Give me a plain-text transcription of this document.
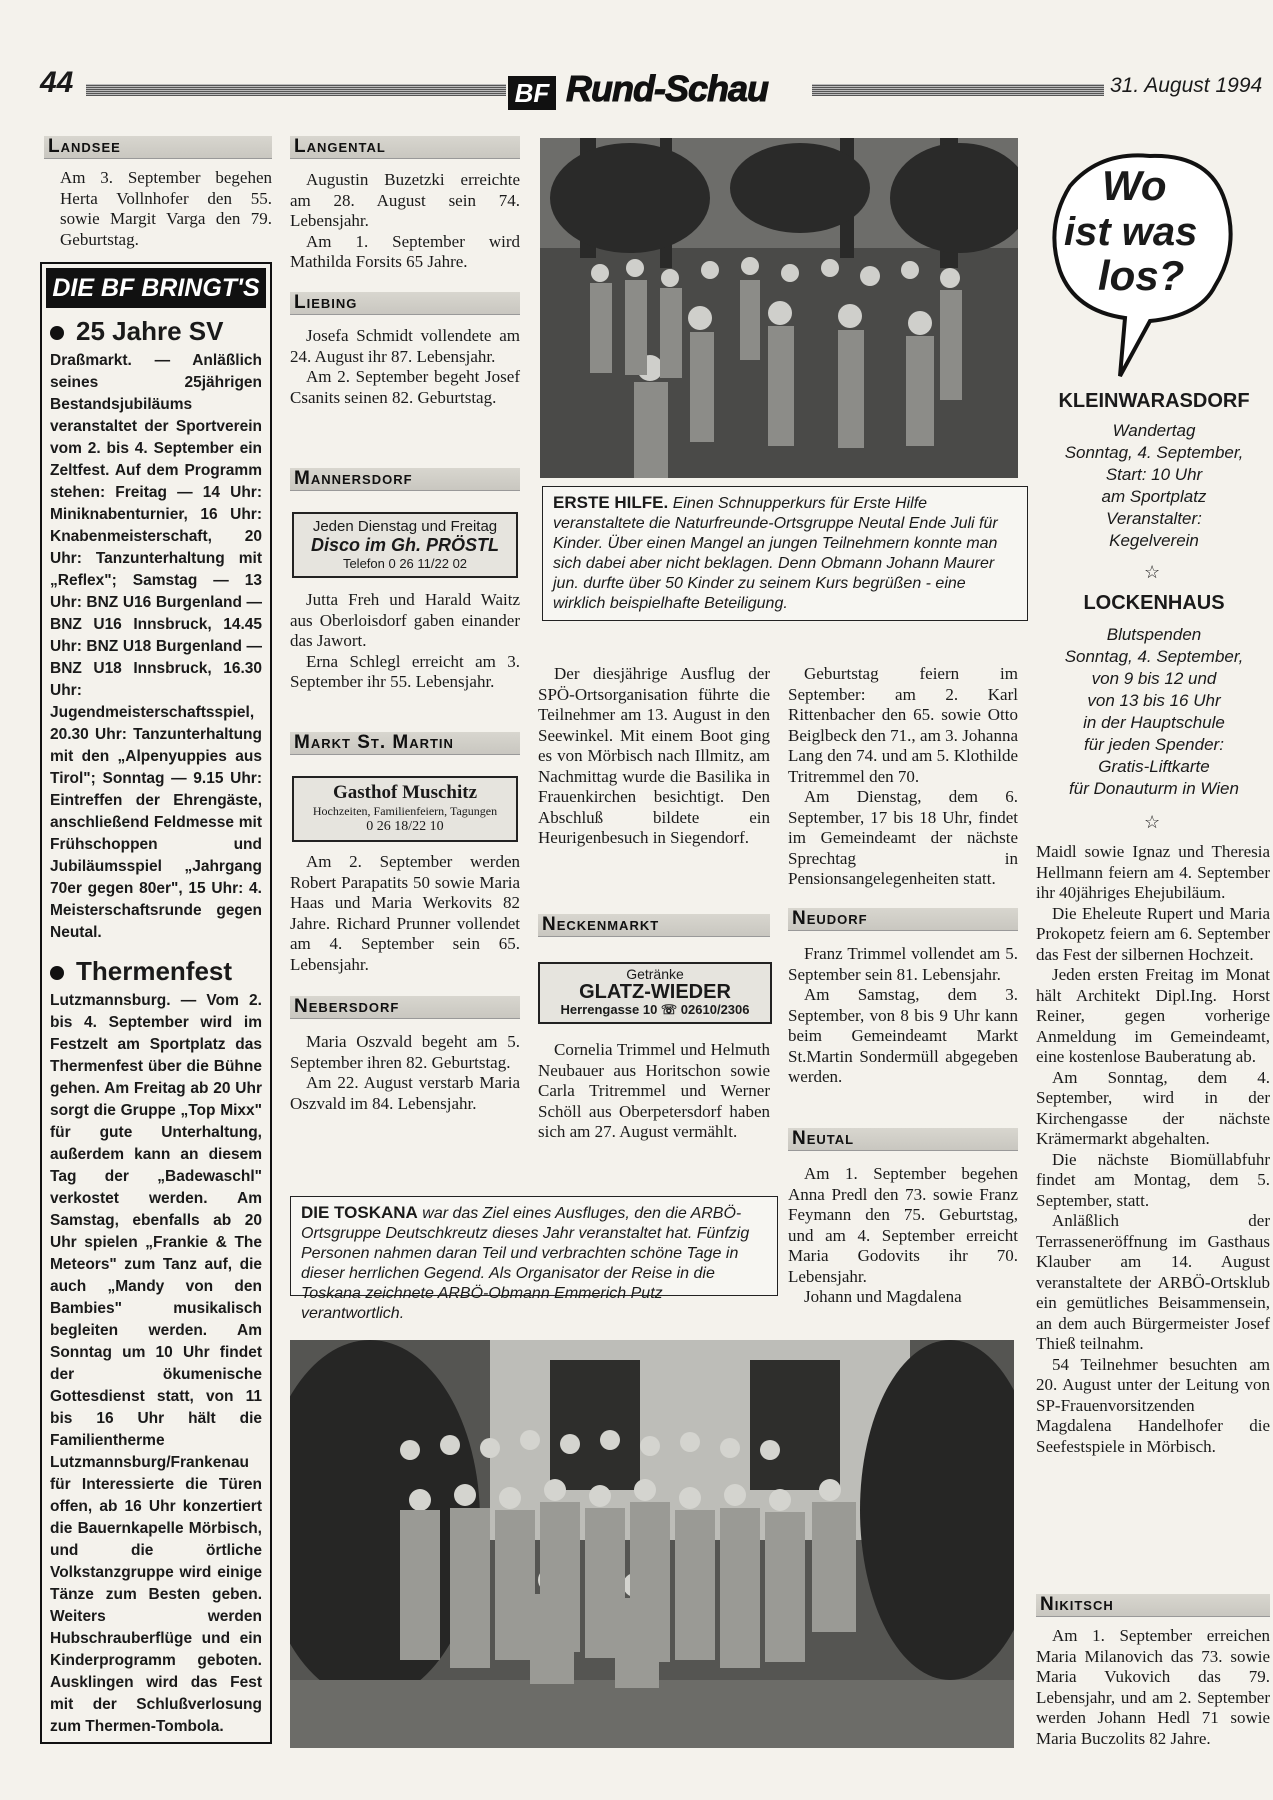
44	BF Rund-Schau	31. August 1994
Landsee

Am 3. September begehen Herta Vollnhofer den 55. sowie Margit Varga den 79. Geburtstag.

DIE BF BRINGT'S
25 Jahre SV
Draßmarkt. — Anläßlich seines 25jährigen Bestandsjubiläums veranstaltet der Sportverein vom 2. bis 4. September ein Zeltfest. Auf dem Programm stehen: Freitag — 14 Uhr: Miniknabenturnier, 16 Uhr: Knabenmeisterschaft, 20 Uhr: Tanzunterhaltung mit „Reflex"; Samstag — 13 Uhr: BNZ U16 Burgenland — BNZ U16 Innsbruck, 14.45 Uhr: BNZ U18 Burgenland — BNZ U18 Innsbruck, 16.30 Uhr: Jugendmeisterschaftsspiel, 20.30 Uhr: Tanzunterhaltung mit den „Alpenyuppies aus Tirol"; Sonntag — 9.15 Uhr: Eintreffen der Ehrengäste, anschließend Feldmesse mit Frühschoppen und Jubiläumsspiel „Jahrgang 70er gegen 80er", 15 Uhr: 4. Meisterschaftsrunde gegen Neutal.
Thermenfest
Lutzmannsburg. — Vom 2. bis 4. September wird im Festzelt am Sportplatz das Thermenfest über die Bühne gehen. Am Freitag ab 20 Uhr sorgt die Gruppe „Top Mixx" für gute Unterhaltung, außerdem kann an diesem Tag der „Badewaschl" verkostet werden. Am Samstag, ebenfalls ab 20 Uhr spielen „Frankie & The Meteors" zum Tanz auf, die auch „Mandy von den Bambies" musikalisch begleiten werden. Am Sonntag um 10 Uhr findet der ökumenische Gottesdienst statt, von 11 bis 16 Uhr hält die Familienthermе Lutzmannsburg/Frankenau für Interessierte die Türen offen, ab 16 Uhr konzertiert die Bauernkapelle Mörbisch, und die örtliche Volkstanzgruppe wird einige Tänze zum Besten geben. Weiters werden Hubschrauberflüge und ein Kinderprogramm geboten. Ausklingen wird das Fest mit der Schlußverlosung zum Thermen-Tombola.
Langental

Augustin Buzetzki erreichte am 28. August sein 74. Lebensjahr.

Am 1. September wird Mathilda Forsits 65 Jahre.

Liebing

Josefa Schmidt vollendete am 24. August ihr 87. Lebensjahr.

Am 2. September begeht Josef Csanits seinen 82. Geburtstag.

Mannersdorf
Jeden Dienstag und Freitag
Disco im Gh. PRÖSTL
Telefon 0 26 11/22 02

Jutta Freh und Harald Waitz aus Oberloisdorf gaben einander das Jawort.

Erna Schlegl erreicht am 3. September ihr 55. Lebensjahr.

Markt St. Martin
Gasthof Muschitz
Hochzeiten, Familienfeiern, Tagungen
0 26 18/22 10

Am 2. September werden Robert Parapatits 50 sowie Maria Haas und Maria Werkovits 82 Jahre. Richard Prunner vollendet am 4. September sein 65. Lebensjahr.

Nebersdorf

Maria Oszvald begeht am 5. September ihren 82. Geburtstag.

Am 22. August verstarb Maria Oszvald im 84. Lebensjahr.

ERSTE HILFE. Einen Schnupperkurs für Erste Hilfe veranstaltete die Naturfreunde-Ortsgruppe Neutal Ende Juli für Kinder. Über einen Mangel an jungen Teilnehmern konnte man sich dabei aber nicht beklagen. Denn Obmann Johann Maurer jun. durfte über 50 Kinder zu seinem Kurs begrüßen - eine wirklich beispielhafte Beteiligung.

Der diesjährige Ausflug der SPÖ-Ortsorganisation führte die Teilnehmer am 13. August in den Seewinkel. Mit einem Boot ging es von Mörbisch nach Illmitz, am Nachmittag wurde die Basilika in Frauenkirchen besichtigt. Den Abschluß bildete ein Heurigenbesuch in Siegendorf.

Neckenmarkt
Getränke
GLATZ-WIEDER
Herrengasse 10 ☏ 02610/2306

Cornelia Trimmel und Helmuth Neubauer aus Horitschon sowie Carla Tritremmel und Werner Schöll aus Oberpetersdorf haben sich am 27. August vermählt.

Geburtstag feiern im September: am 2. Karl Rittenbacher den 65. sowie Otto Beiglbeck den 71., am 3. Johanna Lang den 74. und am 5. Klothilde Tritremmel den 70.

Am Dienstag, dem 6. September, 17 bis 18 Uhr, findet im Gemeindeamt der nächste Sprechtag in Pensionsangelegenheiten statt.

Neudorf

Franz Trimmel vollendet am 5. September sein 81. Lebensjahr.

Am Samstag, dem 3. September, von 8 bis 9 Uhr kann beim Gemeindeamt Markt St.Martin Sondermüll abgegeben werden.

Neutal

Am 1. September begehen Anna Predl den 73. sowie Franz Feymann den 75. Geburtstag, und am 4. September erreicht Maria Godovits ihr 70. Lebensjahr.

Johann und Magdalena

DIE TOSKANA war das Ziel eines Ausfluges, den die ARBÖ-Ortsgruppe Deutschkreutz dieses Jahr veranstaltet hat. Fünfzig Personen nahmen daran Teil und verbrachten schöne Tage in dieser herrlichen Gegend. Als Organisator der Reise in die Toskana zeichnete ARBÖ-Obmann Emmerich Putz verantwortlich.
Wo
ist was
los?
KLEINWARASDORF
Wandertag
Sonntag, 4. September,
Start: 10 Uhr
am Sportplatz
Veranstalter:
Kegelverein
☆
LOCKENHAUS
Blutspenden
Sonntag, 4. September,
von 9 bis 12 und
von 13 bis 16 Uhr
in der Hauptschule
für jeden Spender:
Gratis-Liftkarte
für Donauturm in Wien
☆

Maidl sowie Ignaz und Theresia Hellmann feiern am 4. September ihr 40jähriges Ehejubiläum.

Die Eheleute Rupert und Maria Prokopetz feiern am 6. September das Fest der silbernen Hochzeit.

Jeden ersten Freitag im Monat hält Architekt Dipl.Ing. Horst Reiner, gegen vorherige Anmeldung im Gemeindeamt, eine kostenlose Bauberatung ab.

Am Sonntag, dem 4. September, wird in der Kirchengasse der nächste Krämermarkt abgehalten.

Die nächste Biomüllabfuhr findet am Montag, dem 5. September, statt.

Anläßlich der Terrasseneröffnung im Gasthaus Klauber am 14. August veranstaltete der ARBÖ-Ortsklub ein gemütliches Beisammensein, an dem auch Bürgermeister Josef Thieß teilnahm.

54 Teilnehmer besuchten am 20. August unter der Leitung von SP-Frauenvorsitzenden Magdalena Handelhofer die Seefestspiele in Mörbisch.

Nikitsch

Am 1. September erreichen Maria Milanovich das 73. sowie Maria Vukovich das 79. Lebensjahr, und am 2. September werden Johann Hedl 71 sowie Maria Buczolits 82 Jahre.
